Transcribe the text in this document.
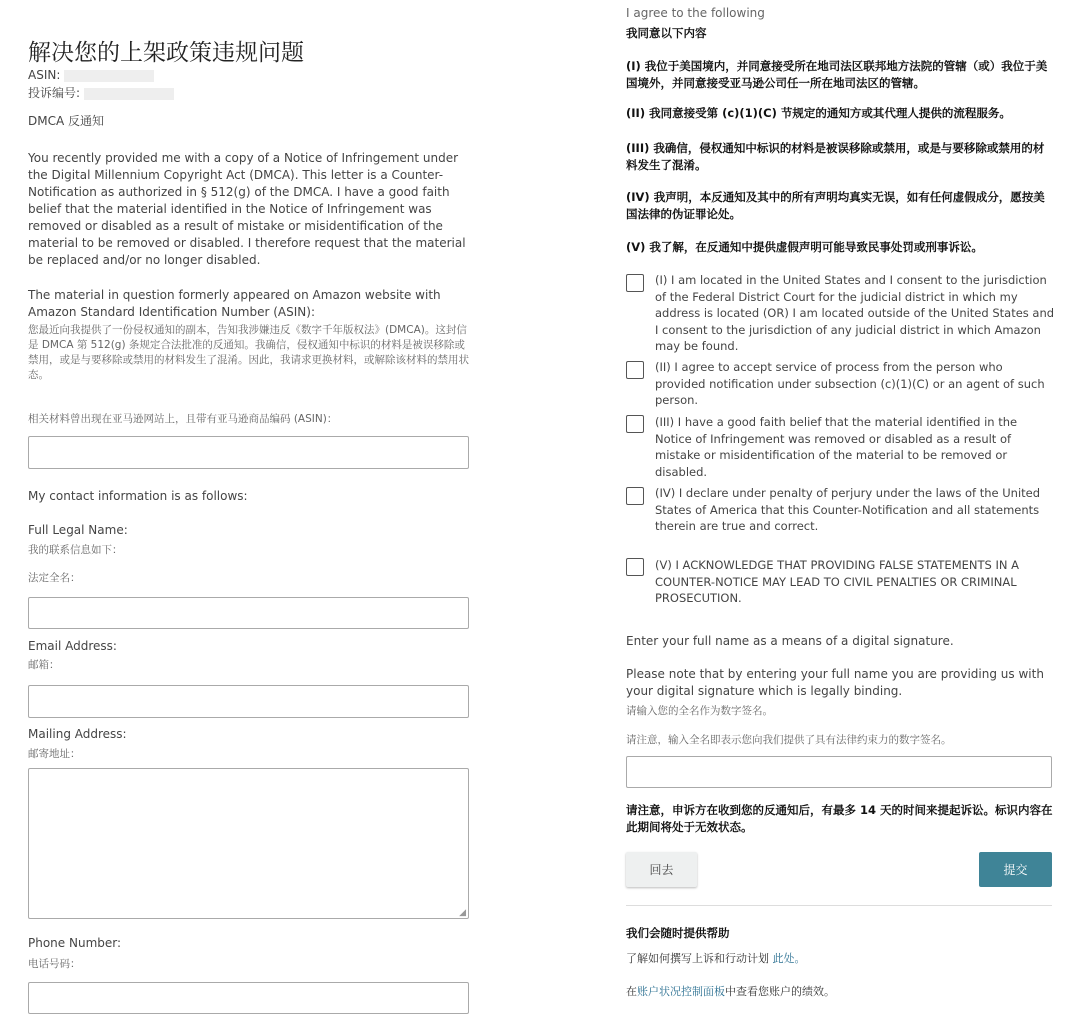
解决您的上架政策违规问题
ASIN:
投诉编号:
DMCA 反通知
You recently provided me with a copy of a Notice of Infringement under the Digital Millennium Copyright Act (DMCA). This letter is a Counter-Notification as authorized in § 512(g) of the DMCA. I have a good faith belief that the material identified in the Notice of Infringement was removed or disabled as a result of mistake or misidentification of the material to be removed or disabled. I therefore request that the material be replaced and/or no longer disabled.
The material in question formerly appeared on Amazon website with Amazon Standard Identification Number (ASIN):
您最近向我提供了一份侵权通知的副本，告知我涉嫌违反《数字千年版权法》(DMCA)。这封信是 DMCA 第 512(g) 条规定合法批准的反通知。我确信，侵权通知中标识的材料是被误移除或禁用，或是与要移除或禁用的材料发生了混淆。因此，我请求更换材料，或解除该材料的禁用状态。
相关材料曾出现在亚马逊网站上，且带有亚马逊商品编码 (ASIN)：
My contact information is as follows:
Full Legal Name:
我的联系信息如下：
法定全名：
Email Address:
邮箱：
Mailing Address:
邮寄地址：
◢
Phone Number:
电话号码：
I agree to the following
我同意以下内容
(I) 我位于美国境内，并同意接受所在地司法区联邦地方法院的管辖（或）我位于美国境外，并同意接受亚马逊公司任一所在地司法区的管辖。
(II) 我同意接受第 (c)(1)(C) 节规定的通知方或其代理人提供的流程服务。
(III) 我确信，侵权通知中标识的材料是被误移除或禁用，或是与要移除或禁用的材料发生了混淆。
(IV) 我声明，本反通知及其中的所有声明均真实无误，如有任何虚假成分，愿按美国法律的伪证罪论处。
(V) 我了解，在反通知中提供虚假声明可能导致民事处罚或刑事诉讼。
(I) I am located in the United States and I consent to the jurisdiction of the Federal District Court for the judicial district in which my address is located (OR) I am located outside of the United States and I consent to the jurisdiction of any judicial district in which Amazon may be found.
(II) I agree to accept service of process from the person who provided notification under subsection (c)(1)(C) or an agent of such person.
(III) I have a good faith belief that the material identified in the Notice of Infringement was removed or disabled as a result of mistake or misidentification of the material to be removed or disabled.
(IV) I declare under penalty of perjury under the laws of the United States of America that this Counter-Notification and all statements therein are true and correct.
(V) I ACKNOWLEDGE THAT PROVIDING FALSE STATEMENTS IN A COUNTER-NOTICE MAY LEAD TO CIVIL PENALTIES OR CRIMINAL PROSECUTION.
Enter your full name as a means of a digital signature.
Please note that by entering your full name you are providing us with your digital signature which is legally binding.
请输入您的全名作为数字签名。
请注意，输入全名即表示您向我们提供了具有法律约束力的数字签名。
请注意，申诉方在收到您的反通知后，有最多 14 天的时间来提起诉讼。标识内容在此期间将处于无效状态。
回去	提交
我们会随时提供帮助
了解如何撰写上诉和行动计划 此处。
在账户状况控制面板中查看您账户的绩效。
